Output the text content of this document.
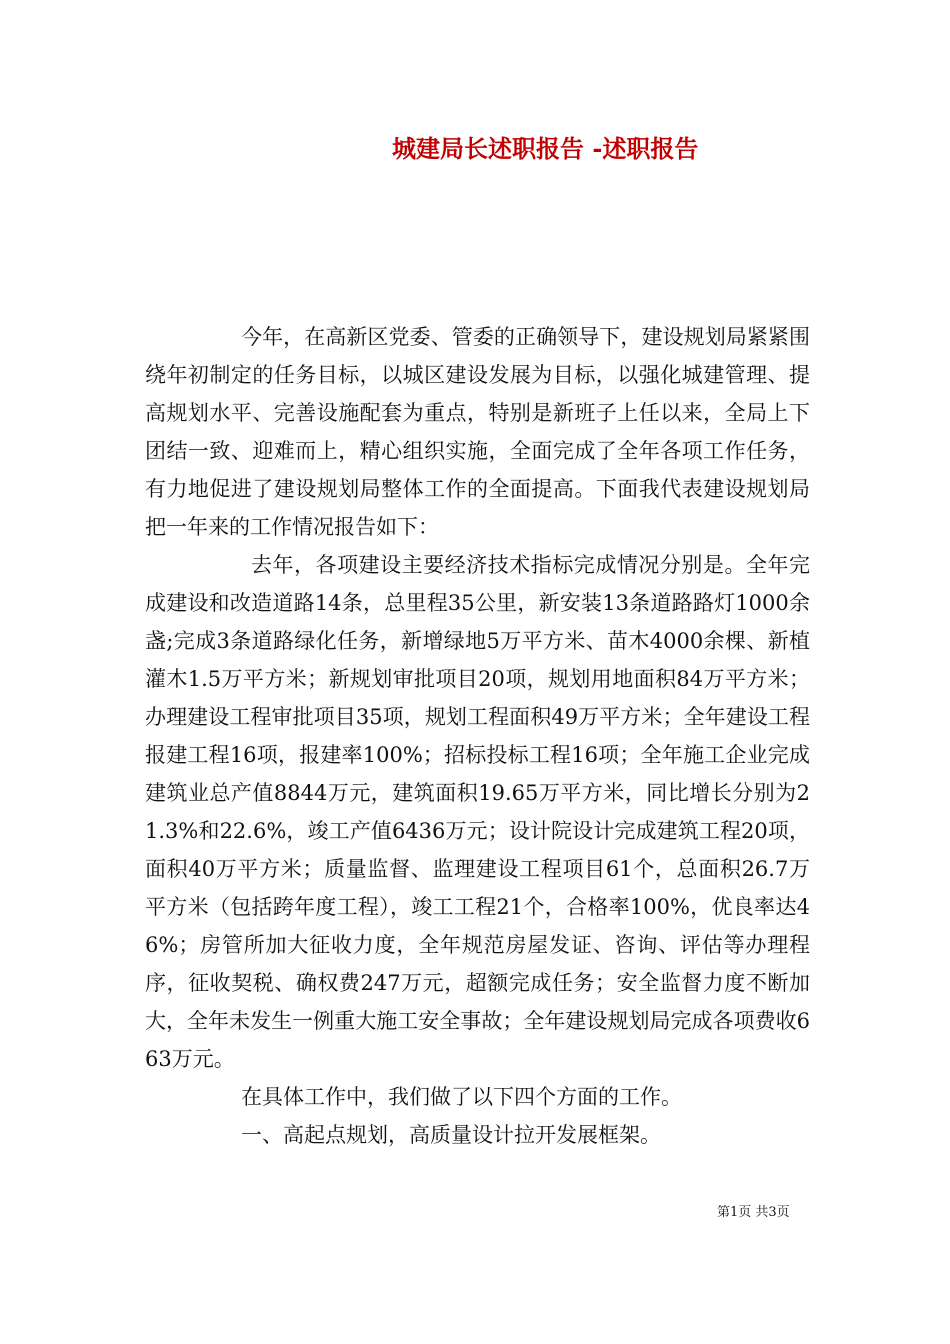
城建局长述职报告 -述职报告

今年，在高新区党委、管委的正确领导下，建设规划局紧紧围绕年初制定的任务目标，以城区建设发展为目标，以强化城建管理、提高规划水平、完善设施配套为重点，特别是新班子上任以来，全局上下团结一致、迎难而上，精心组织实施，全面完成了全年各项工作任务，有力地促进了建设规划局整体工作的全面提高。下面我代表建设规划局把一年来的工作情况报告如下：

去年，各项建设主要经济技术指标完成情况分别是。全年完成建设和改造道路14条，总里程35公里，新安装13条道路路灯1000余盏;完成3条道路绿化任务，新增绿地5万平方米、苗木4000余棵、新植灌木1.5万平方米；新规划审批项目20项，规划用地面积84万平方米；办理建设工程审批项目35项，规划工程面积49万平方米；全年建设工程报建工程16项，报建率100%；招标投标工程16项；全年施工企业完成建筑业总产值8844万元，建筑面积19.65万平方米，同比增长分别为21.3%和22.6%，竣工产值6436万元；设计院设计完成建筑工程20项，面积40万平方米；质量监督、监理建设工程项目61个，总面积26.7万平方米（包括跨年度工程），竣工工程21个，合格率100%，优良率达46%；房管所加大征收力度，全年规范房屋发证、咨询、评估等办理程序，征收契税、确权费247万元，超额完成任务；安全监督力度不断加大，全年未发生一例重大施工安全事故；全年建设规划局完成各项费收663万元。

在具体工作中，我们做了以下四个方面的工作。

一、高起点规划，高质量设计拉开发展框架。

第1页 共3页
